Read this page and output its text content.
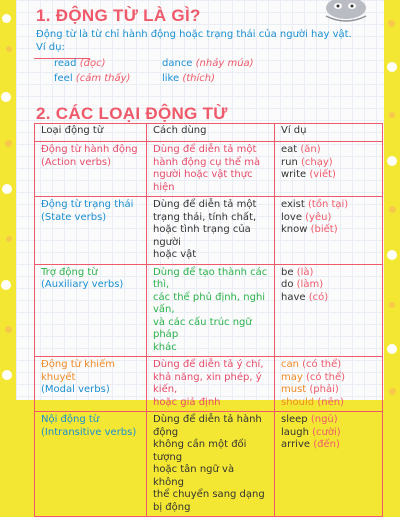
1. ĐỘNG TỪ LÀ GÌ?
Động từ là từ chỉ hành động hoặc trạng thái của người hay vật.
Ví dụ:
read (đọc)	dance (nhảy múa)
feel (cảm thấy)	like (thích)
2. CÁC LOẠI ĐỘNG TỪ
Loại động từ	Cách dùng	Ví dụ

Động từ hành động
(Action verbs)	Dùng để diễn tả một
hành động cụ thể mà
người hoặc vật thực hiện	eat (ăn)
run (chạy)
write (viết)

Động từ trạng thái
(State verbs)	Dùng để diễn tả một
trạng thái, tính chất,
hoặc tình trạng của người
hoặc vật	exist (tồn tại)
love (yêu)
know (biết)

Trợ động từ
(Auxiliary verbs)	Dùng để tạo thành các thì,
các thể phủ định, nghi vấn,
và các cấu trúc ngữ pháp
khác	be (là)
do (làm)
have (có)

Động từ khiếm khuyết
(Modal verbs)	Dùng để diễn tả ý chí,
khả năng, xin phép, ý kiến,
hoặc giả định	can (có thể)
may (có thể)
must (phải)
should (nên)

Nội động từ
(Intransitive verbs)	Dùng để diễn tả hành động
không cần một đối tượng
hoặc tân ngữ và không
thể chuyển sang dạng
bị động	sleep (ngủ)
laugh (cười)
arrive (đến)
